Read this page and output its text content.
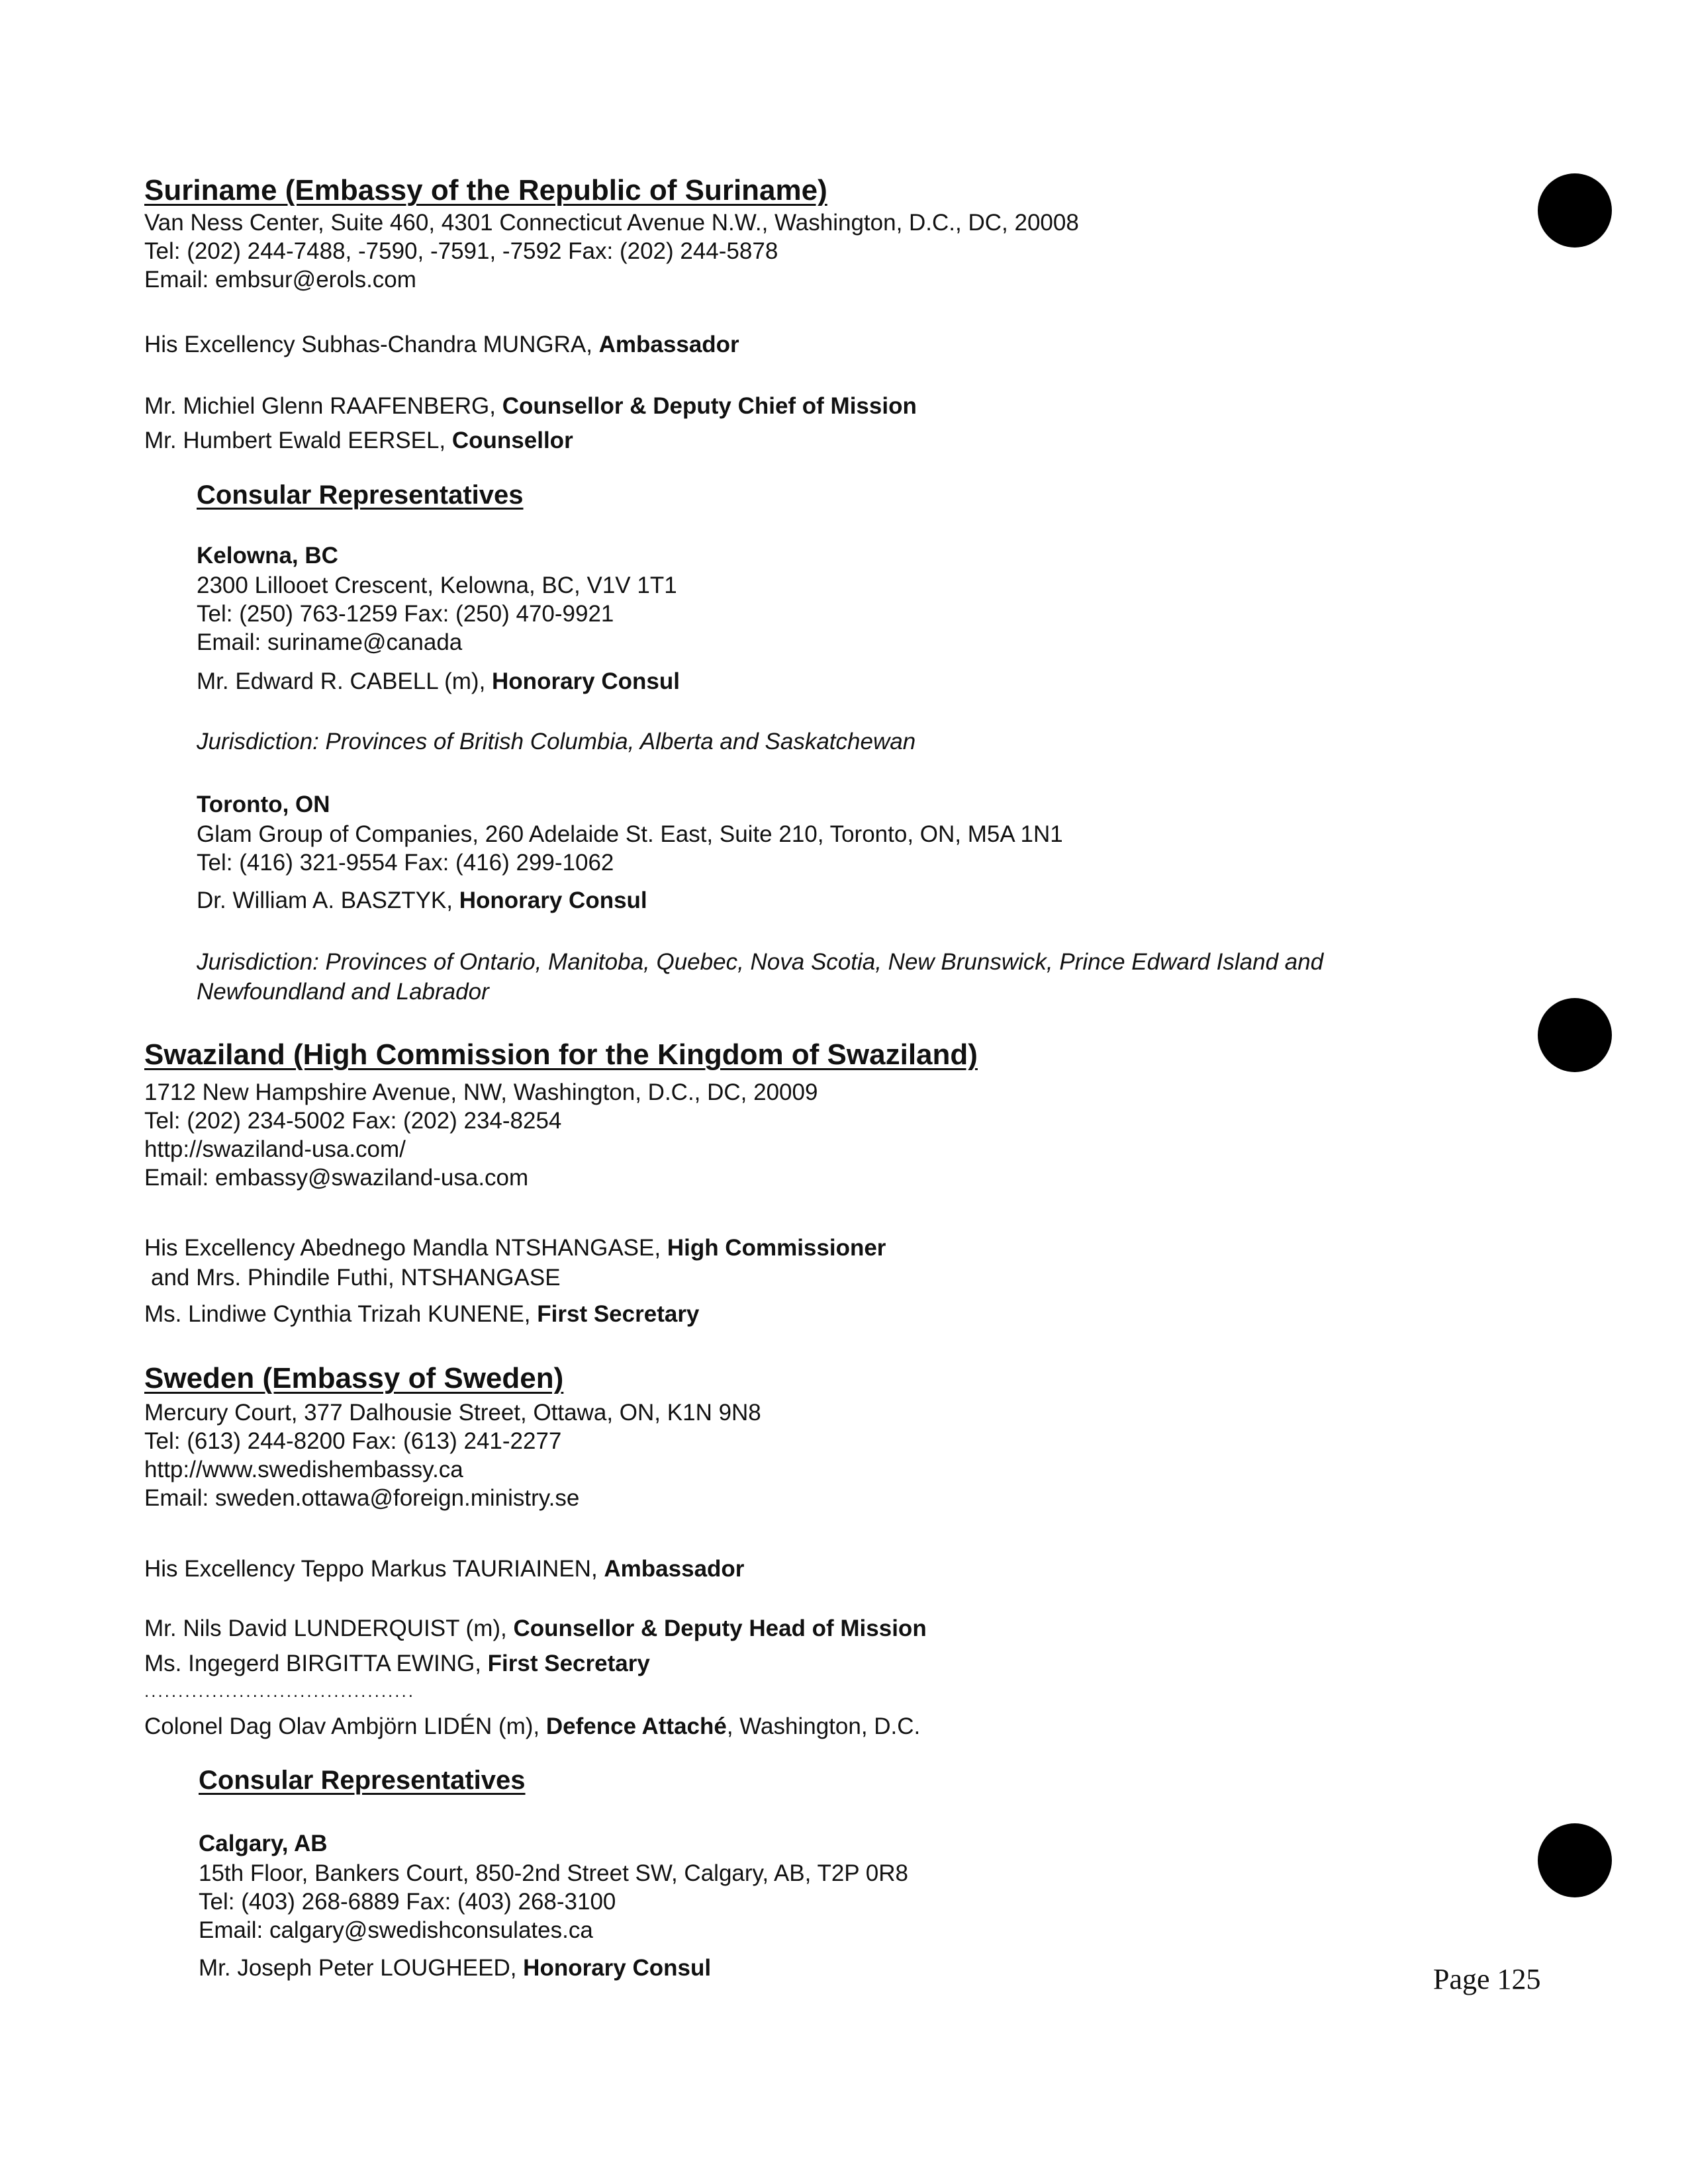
Suriname (Embassy of the Republic of Suriname)
Van Ness Center, Suite 460, 4301 Connecticut Avenue N.W., Washington, D.C., DC, 20008
Tel: (202) 244-7488, -7590, -7591, -7592 Fax: (202) 244-5878
Email: embsur@erols.com
His Excellency Subhas-Chandra MUNGRA, Ambassador
Mr. Michiel Glenn RAAFENBERG, Counsellor & Deputy Chief of Mission
Mr. Humbert Ewald EERSEL, Counsellor
Consular Representatives
Kelowna, BC
2300 Lillooet Crescent, Kelowna, BC, V1V 1T1
Tel: (250) 763-1259 Fax: (250) 470-9921
Email: suriname@canada
Mr. Edward R. CABELL (m), Honorary Consul
Jurisdiction: Provinces of British Columbia, Alberta and Saskatchewan
Toronto, ON
Glam Group of Companies, 260 Adelaide St. East, Suite 210, Toronto, ON, M5A 1N1
Tel: (416) 321-9554 Fax: (416) 299-1062
Dr. William A. BASZTYK, Honorary Consul
Jurisdiction: Provinces of Ontario, Manitoba, Quebec, Nova Scotia, New Brunswick, Prince Edward Island and
Newfoundland and Labrador
Swaziland (High Commission for the Kingdom of Swaziland)
1712 New Hampshire Avenue, NW, Washington, D.C., DC, 20009
Tel: (202) 234-5002 Fax: (202) 234-8254
http://swaziland-usa.com/
Email: embassy@swaziland-usa.com
His Excellency Abednego Mandla NTSHANGASE, High Commissioner
and Mrs. Phindile Futhi, NTSHANGASE
Ms. Lindiwe Cynthia Trizah KUNENE, First Secretary
Sweden (Embassy of Sweden)
Mercury Court, 377 Dalhousie Street, Ottawa, ON, K1N 9N8
Tel: (613) 244-8200 Fax: (613) 241-2277
http://www.swedishembassy.ca
Email: sweden.ottawa@foreign.ministry.se
His Excellency Teppo Markus TAURIAINEN, Ambassador
Mr. Nils David LUNDERQUIST (m), Counsellor & Deputy Head of Mission
Ms. Ingegerd BIRGITTA EWING, First Secretary
........................................
Colonel Dag Olav Ambjörn LIDÉN (m), Defence Attaché, Washington, D.C.
Consular Representatives
Calgary, AB
15th Floor, Bankers Court, 850-2nd Street SW, Calgary, AB, T2P 0R8
Tel: (403) 268-6889 Fax: (403) 268-3100
Email: calgary@swedishconsulates.ca
Mr. Joseph Peter LOUGHEED, Honorary Consul	Page 125
